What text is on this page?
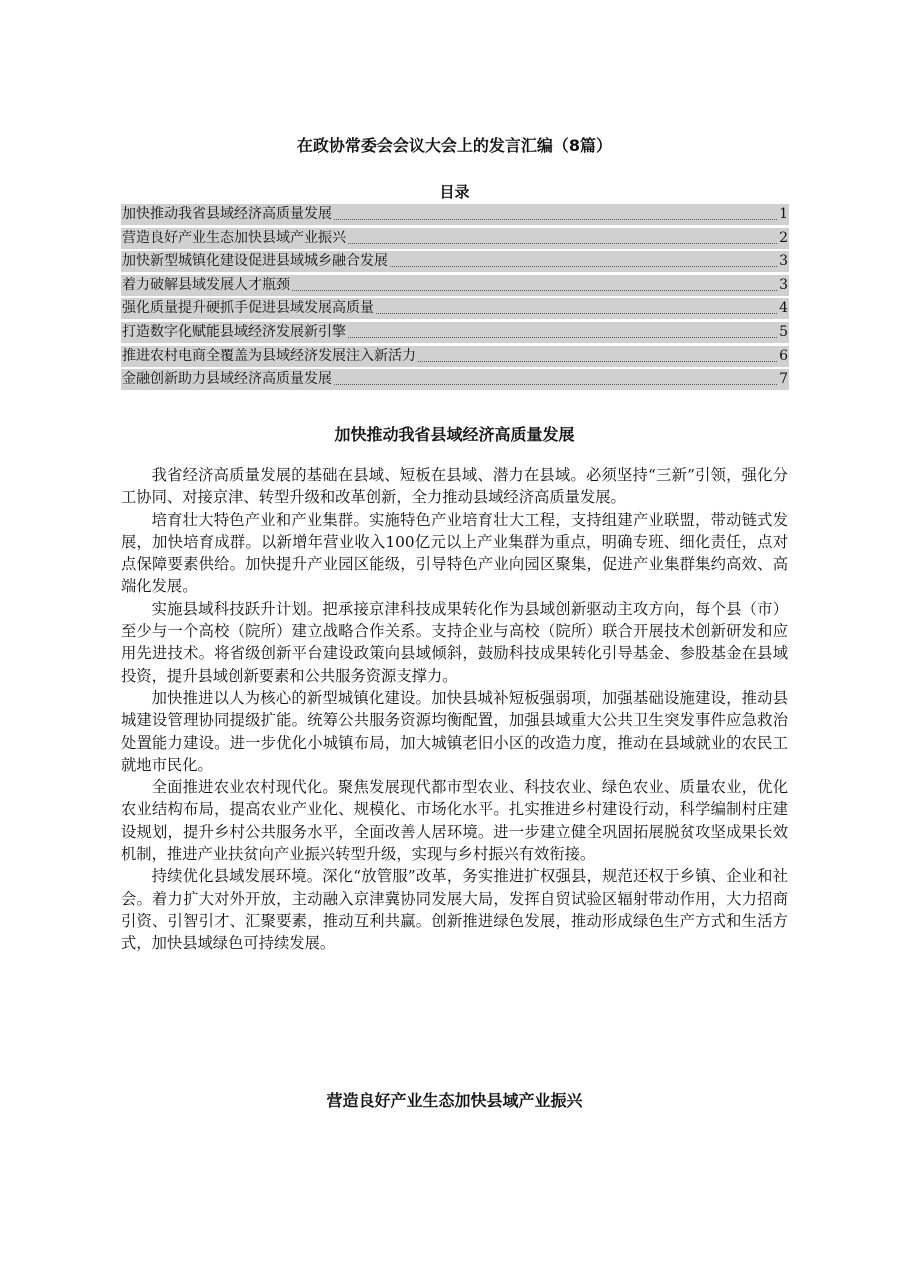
在政协常委会会议大会上的发言汇编（8篇）
目录
加快推动我省县域经济高质量发展	1
营造良好产业生态加快县域产业振兴	2
加快新型城镇化建设促进县域城乡融合发展	3
着力破解县域发展人才瓶颈	3
强化质量提升硬抓手促进县域发展高质量	4
打造数字化赋能县域经济发展新引擎	5
推进农村电商全覆盖为县域经济发展注入新活力	6
金融创新助力县域经济高质量发展	7
加快推动我省县域经济高质量发展

我省经济高质量发展的基础在县域、短板在县域、潜力在县域。必须坚持“三新”引领，强化分工协同、对接京津、转型升级和改革创新，全力推动县域经济高质量发展。

培育壮大特色产业和产业集群。实施特色产业培育壮大工程，支持组建产业联盟，带动链式发展，加快培育成群。以新增年营业收入100亿元以上产业集群为重点，明确专班、细化责任，点对点保障要素供给。加快提升产业园区能级，引导特色产业向园区聚集，促进产业集群集约高效、高端化发展。

实施县域科技跃升计划。把承接京津科技成果转化作为县域创新驱动主攻方向，每个县（市）至少与一个高校（院所）建立战略合作关系。支持企业与高校（院所）联合开展技术创新研发和应用先进技术。将省级创新平台建设政策向县域倾斜，鼓励科技成果转化引导基金、参股基金在县域投资，提升县域创新要素和公共服务资源支撑力。

加快推进以人为核心的新型城镇化建设。加快县城补短板强弱项，加强基础设施建设，推动县城建设管理协同提级扩能。统筹公共服务资源均衡配置，加强县域重大公共卫生突发事件应急救治处置能力建设。进一步优化小城镇布局，加大城镇老旧小区的改造力度，推动在县域就业的农民工就地市民化。

全面推进农业农村现代化。聚焦发展现代都市型农业、科技农业、绿色农业、质量农业，优化农业结构布局，提高农业产业化、规模化、市场化水平。扎实推进乡村建设行动，科学编制村庄建设规划，提升乡村公共服务水平，全面改善人居环境。进一步建立健全巩固拓展脱贫攻坚成果长效机制，推进产业扶贫向产业振兴转型升级，实现与乡村振兴有效衔接。

持续优化县域发展环境。深化“放管服”改革，务实推进扩权强县，规范还权于乡镇、企业和社会。着力扩大对外开放，主动融入京津冀协同发展大局，发挥自贸试验区辐射带动作用，大力招商引资、引智引才、汇聚要素，推动互利共赢。创新推进绿色发展，推动形成绿色生产方式和生活方式，加快县域绿色可持续发展。

营造良好产业生态加快县域产业振兴
